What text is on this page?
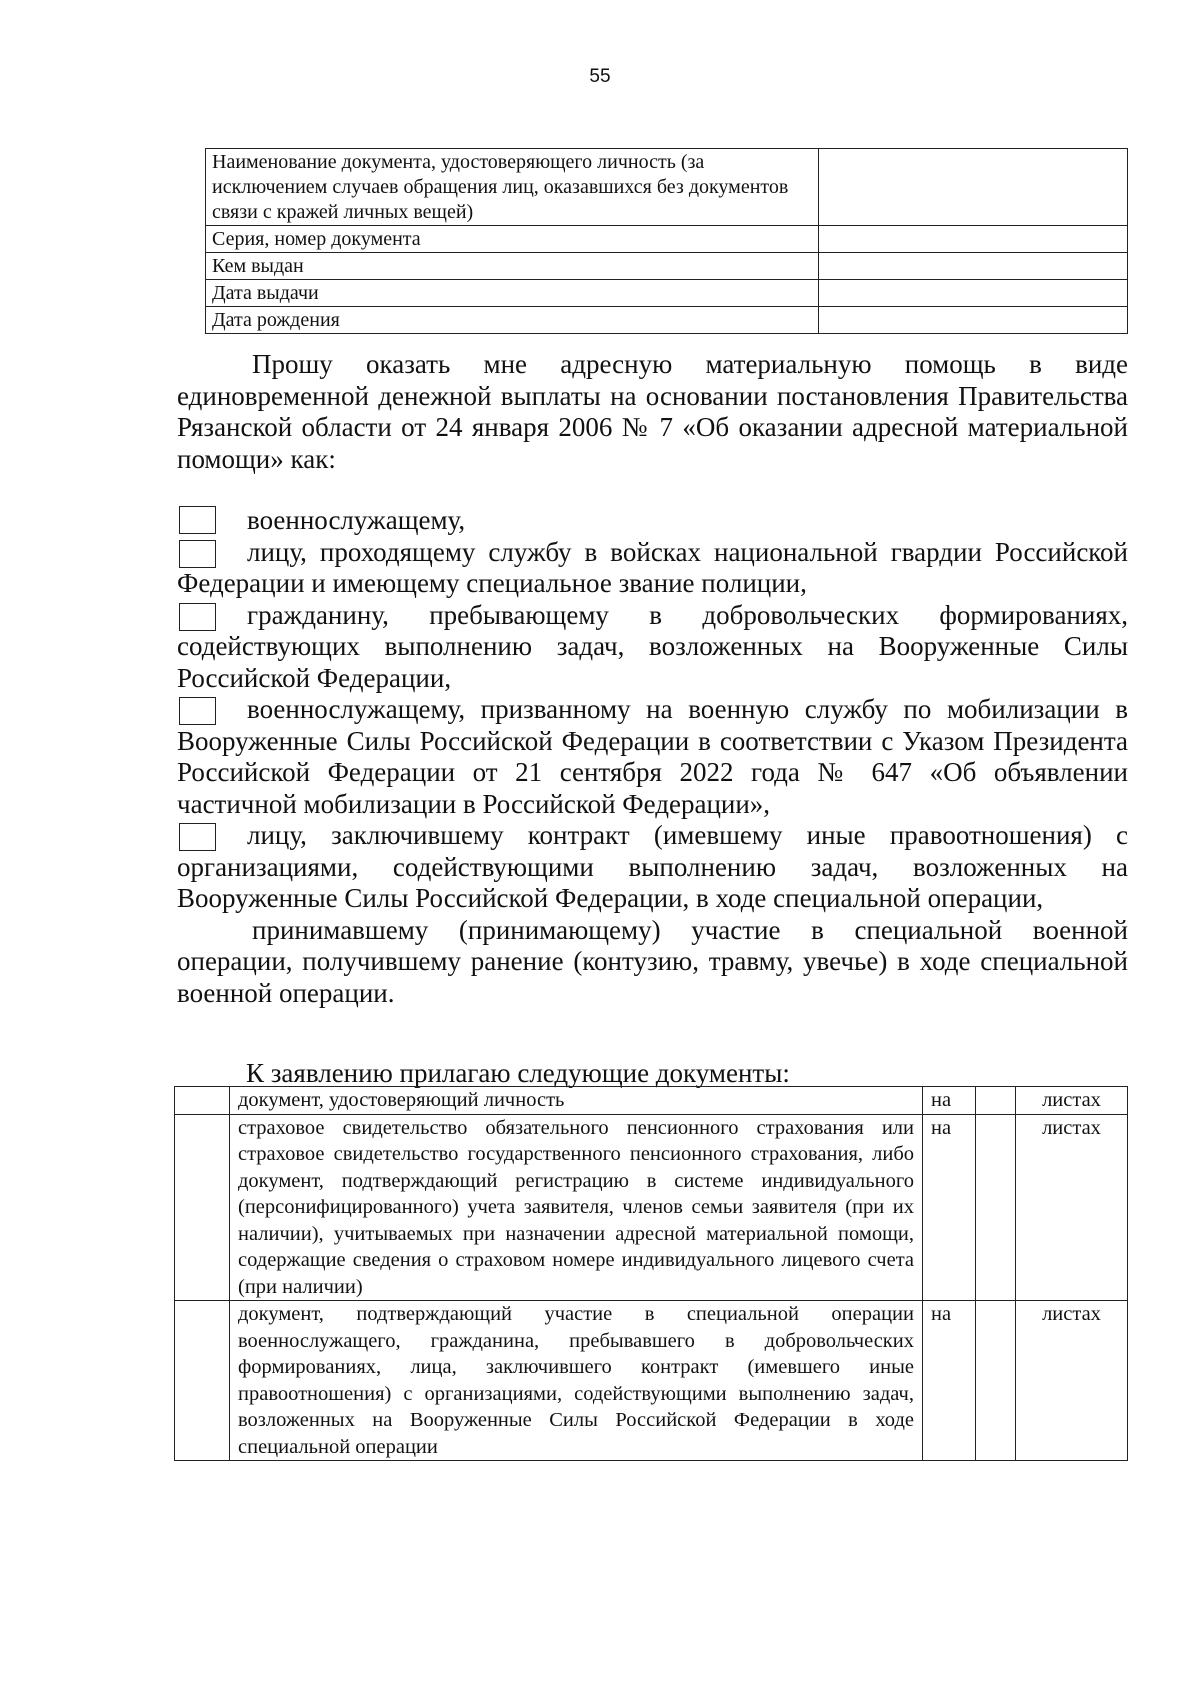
55
Наименование документа, удостоверяющего личность (за исключением случаев обращения лиц, оказавшихся без документов связи с кражей личных вещей)	
Серия, номер документа	
Кем выдан	
Дата выдачи	
Дата рождения	
Прошу оказать мне адресную материальную помощь в виде единовременной денежной выплаты на основании постановления Правительства Рязанской области от 24 января 2006 № 7 «Об оказании адресной материальной помощи» как:
военнослужащему,
лицу, проходящему службу в войсках национальной гвардии Российской Федерации и имеющему специальное звание полиции,
гражданину, пребывающему в добровольческих формированиях, содействующих выполнению задач, возложенных на Вооруженные Силы Российской Федерации,
военнослужащему, призванному на военную службу по мобилизации в Вооруженные Силы Российской Федерации в соответствии с Указом Президента Российской Федерации от 21 сентября 2022 года № 647 «Об объявлении частичной мобилизации в Российской Федерации»,
лицу, заключившему контракт (имевшему иные правоотношения) с организациями, содействующими выполнению задач, возложенных на Вооруженные Силы Российской Федерации, в ходе специальной операции,
принимавшему (принимающему) участие в специальной военной операции, получившему ранение (контузию, травму, увечье) в ходе специальной военной операции.
К заявлению прилагаю следующие документы:
	документ, удостоверяющий личность	на		листах
	страховое свидетельство обязательного пенсионного страхования или страховое свидетельство государственного пенсионного страхования, либо документ, подтверждающий регистрацию в системе индивидуального (персонифицированного) учета заявителя, членов семьи заявителя (при их наличии), учитываемых при назначении адресной материальной помощи, содержащие сведения о страховом номере индивидуального лицевого счета (при наличии)	на		листах
	документ, подтверждающий участие в специальной операции военнослужащего, гражданина, пребывавшего в добровольческих формированиях, лица, заключившего контракт (имевшего иные правоотношения) с организациями, содействующими выполнению задач, возложенных на Вооруженные Силы Российской Федерации в ходе специальной операции	на		листах
